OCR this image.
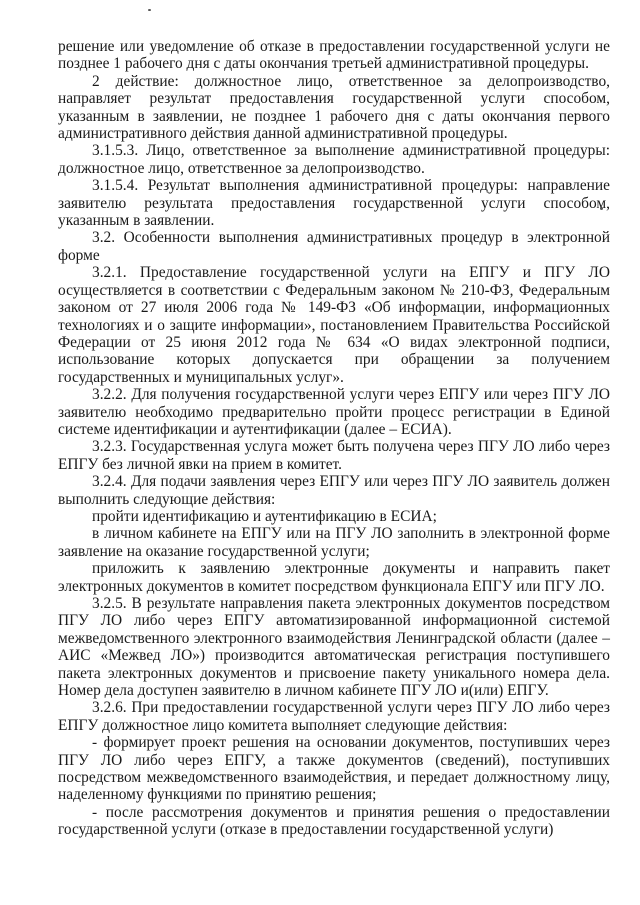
решение или уведомление об отказе в предоставлении государственной услуги не позднее 1 рабочего дня с даты окончания третьей административной процедуры.

2 действие: должностное лицо, ответственное за делопроизводство, направляет результат предоставления государственной услуги способом, указанным в заявлении, не позднее 1 рабочего дня с даты окончания первого административного действия данной административной процедуры.

3.1.5.3. Лицо, ответственное за выполнение административной процедуры: должностное лицо, ответственное за делопроизводство.

3.1.5.4. Результат выполнения административной процедуры: направление заявителю результата предоставления государственной услуги способом, указанным в заявлении.

3.2. Особенности выполнения административных процедур в электронной форме

3.2.1. Предоставление государственной услуги на ЕПГУ и ПГУ ЛО осуществляется в соответствии с Федеральным законом № 210-ФЗ, Федеральным законом от 27 июля 2006 года № 149-ФЗ «Об информации, информационных технологиях и о защите информации», постановлением Правительства Российской Федерации от 25 июня 2012 года № 634 «О видах электронной подписи, использование которых допускается при обращении за получением государственных и муниципальных услуг».

3.2.2. Для получения государственной услуги через ЕПГУ или через ПГУ ЛО заявителю необходимо предварительно пройти процесс регистрации в Единой системе идентификации и аутентификации (далее – ЕСИА).

3.2.3. Государственная услуга может быть получена через ПГУ ЛО либо через ЕПГУ без личной явки на прием в комитет.

3.2.4. Для подачи заявления через ЕПГУ или через ПГУ ЛО заявитель должен выполнить следующие действия:

пройти идентификацию и аутентификацию в ЕСИА;

в личном кабинете на ЕПГУ или на ПГУ ЛО заполнить в электронной форме заявление на оказание государственной услуги;

приложить к заявлению электронные документы и направить пакет электронных документов в комитет посредством функционала ЕПГУ или ПГУ ЛО.

3.2.5. В результате направления пакета электронных документов посредством ПГУ ЛО либо через ЕПГУ автоматизированной информационной системой межведомственного электронного взаимодействия Ленинградской области (далее – АИС «Межвед ЛО») производится автоматическая регистрация поступившего пакета электронных документов и присвоение пакету уникального номера дела. Номер дела доступен заявителю в личном кабинете ПГУ ЛО и(или) ЕПГУ.

3.2.6. При предоставлении государственной услуги через ПГУ ЛО либо через ЕПГУ должностное лицо комитета выполняет следующие действия:

- формирует проект решения на основании документов, поступивших через ПГУ ЛО либо через ЕПГУ, а также документов (сведений), поступивших посредством межведомственного взаимодействия, и передает должностному лицу, наделенному функциями по принятию решения;

- после рассмотрения документов и принятия решения о предоставлении государственной услуги (отказе в предоставлении государственной услуги)
